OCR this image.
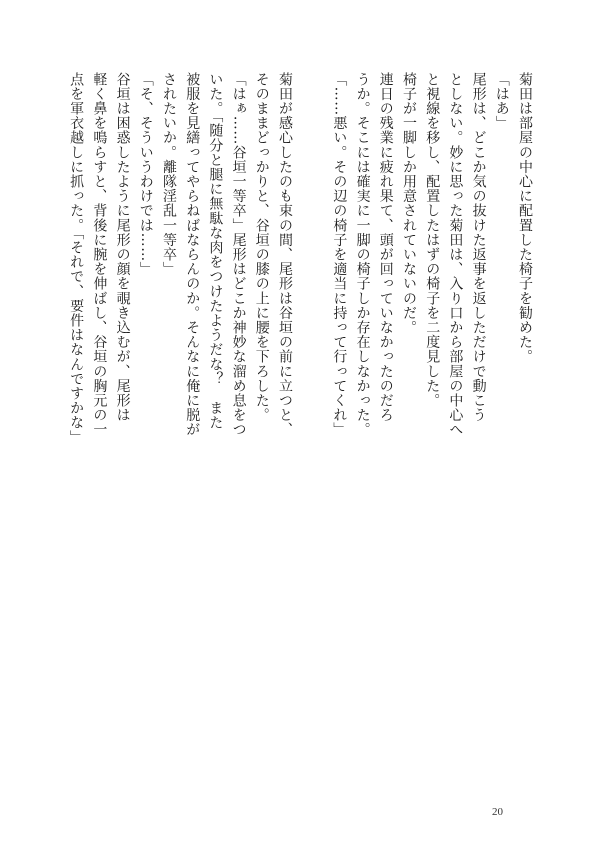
菊田は部屋の中心に配置した椅子を勧めた。
「はあ」
尾形は、どこか気の抜けた返事を返しただけで動こう
としない。妙に思った菊田は、入り口から部屋の中心へ
と視線を移し、配置したはずの椅子を二度見した。
椅子が一脚しか用意されていないのだ。
連日の残業に疲れ果て、頭が回っていなかったのだろ
うか。そこには確実に一脚の椅子しか存在しなかった。
「……悪い。その辺の椅子を適当に持って行ってくれ」
菊田が感心したのも束の間、尾形は谷垣の前に立つと、
そのままどっかりと、谷垣の膝の上に腰を下ろした。
「はぁ……谷垣一等卒」尾形はどこか神妙な溜め息をつ
いた。「随分と腿に無駄な肉をつけたようだな？　また
被服を見繕ってやらねばならんのか。そんなに俺に脱が
されたいか。離隊淫乱一等卒」
「そ、そういうわけでは……」
谷垣は困惑したように尾形の顔を覗き込むが、尾形は
軽く鼻を鳴らすと、背後に腕を伸ばし、谷垣の胸元の一
点を軍衣越しに抓った。「それで、要件はなんですかな」
20
